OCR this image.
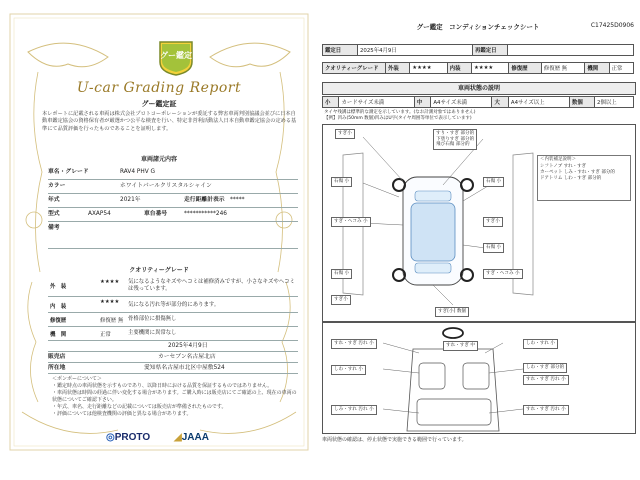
グー鑑定
U-car Grading Report
グー鑑定証
本レポートに記載される車両は株式会社プロトコーポレーションが委託する弊害車両判別協議会並びに日本自動車鑑定協会の資格保有者が厳選かつ公平な検査を行い、特定非営利活動法人日本自動車鑑定協会の定める基準にて品質評価を行ったものであることを証明します。
車両諸元内容
車名・グレード	RAV4 PHV G
カラー	ホワイトパールクリスタルシャイン
年式	2021年	走行距離計表示 *****
型式	AXAP54	車台番号	***********246
備考
クオリティーグレード
外　装
★★★★ 気になるようなキズやヘコミは補修済みですが、小さなキズやヘコミは残っています。
内　装
★★★★ 気になる汚れ等が部分的にあります。
修復歴	修復歴 無 骨格部位に損傷無し
機　関	正常	主要機関に異常なし
2025年4月9日
販売店	カーセブン名古屋北店
所在地	愛知県名古屋市北区中屋敷524
＜ボンボーについて＞
・鑑定時点の車両状態を示すものであり、以降日時における品質を保証するものではありません。
・車両状態は時間の経過に伴い変化する場合があります。ご購入時には販売店にてご確認の上、現在の車両の状態についてご確認下さい。
・年式、車名、走行距離などの記載については販売店が準備されたものです。
・評価については他検査機関の評価と異なる場合があります。
◎PROTO ◢JAAA
グー鑑定　コンディションチェックシート	C17425D0906
鑑定日	2025年4月9日	再鑑定日	
クオリティーグレード	外装	★★★★	内装	★★★★	修復歴	修復歴 無	機関	正常
車両状態の説明
小	カードサイズ未満	中	A4サイズ未満	大	A4サイズ以上	数個	2個以上
タイヤ残溝は標準的な測定を示しています。(なお計測対象ではありません)
【例】凹み(50mm 数個)凹みはU字(タイヤ周囲等単位で表示しています)
すぎ小	すり・すぎ 部分的
下塗りすぎ 部分的
飛び石傷 部分的
石傷 小
すぎ・ヘコみ 小
石傷 小
すぎ小
石傷 小
すぎ小
石傷 小
すぎ・ヘコみ 小
すぎ[小] 数個
＜内装補足説明＞
シフトノブ すれ・すぎ
カーペット しみ・すれ・すぎ 部分的
ドアトリム しわ・すぎ 部分的
すれ・すぎ 汚れ 小	すれ・すぎ 中	しわ・すれ 小
しわ・すれ 小	しわ・すぎ 部分的
すれ・すぎ 汚れ 小
しみ・すれ 汚れ 小	すれ・すぎ 汚れ 小
車両状態の確認は、停止状態で実施できる範囲で行っています。
